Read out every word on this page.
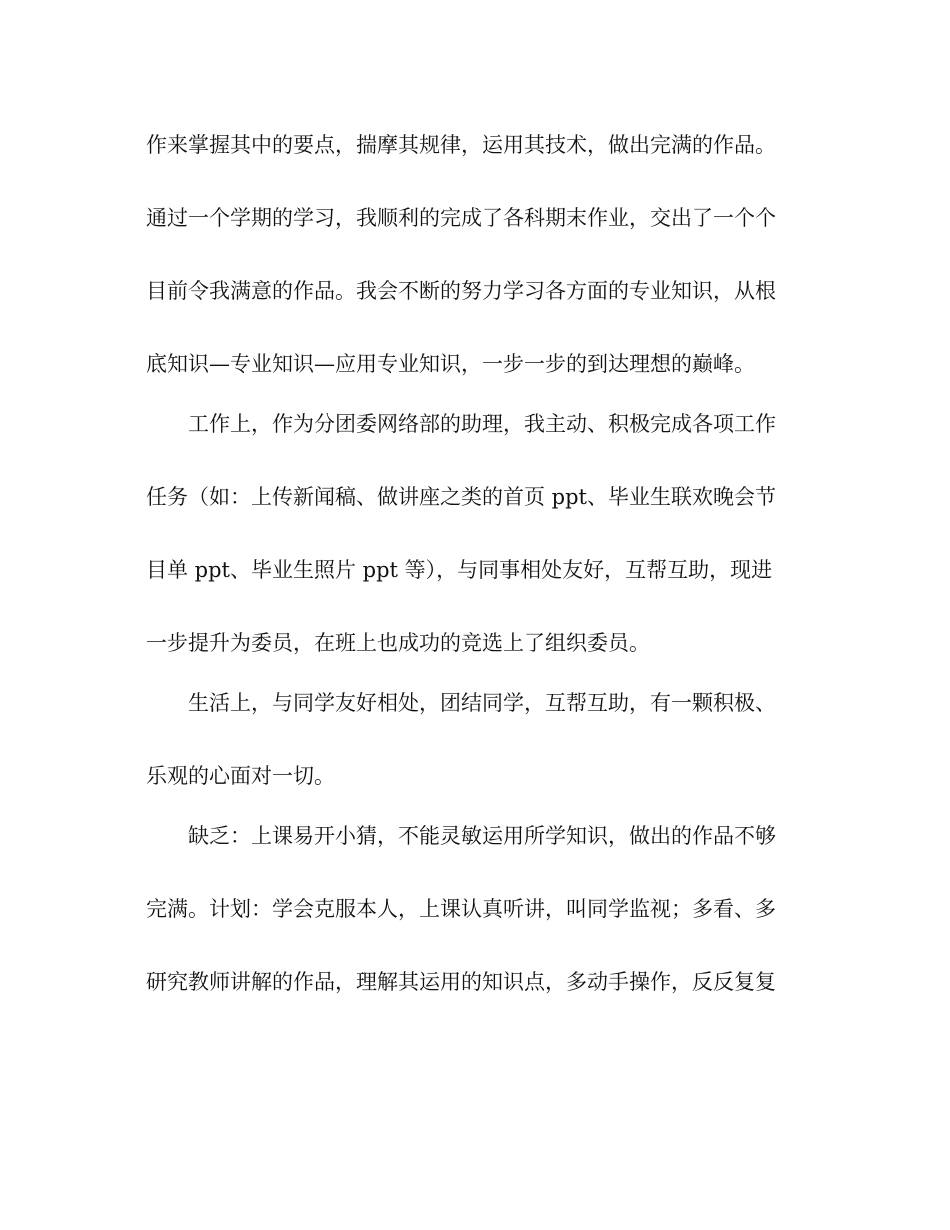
作来掌握其中的要点，揣摩其规律，运用其技术，做出完满的作品。
通过一个学期的学习，我顺利的完成了各科期末作业，交出了一个个
目前令我满意的作品。我会不断的努力学习各方面的专业知识，从根
底知识—专业知识—应用专业知识，一步一步的到达理想的巅峰。
　　工作上，作为分团委网络部的助理，我主动、积极完成各项工作
任务（如：上传新闻稿、做讲座之类的首页 ppt、毕业生联欢晚会节
目单 ppt、毕业生照片 ppt 等），与同事相处友好，互帮互助，现进
一步提升为委员，在班上也成功的竞选上了组织委员。
　　生活上，与同学友好相处，团结同学，互帮互助，有一颗积极、
乐观的心面对一切。
　　缺乏：上课易开小猜，不能灵敏运用所学知识，做出的作品不够
完满。计划：学会克服本人，上课认真听讲，叫同学监视；多看、多
研究教师讲解的作品，理解其运用的知识点，多动手操作，反反复复
